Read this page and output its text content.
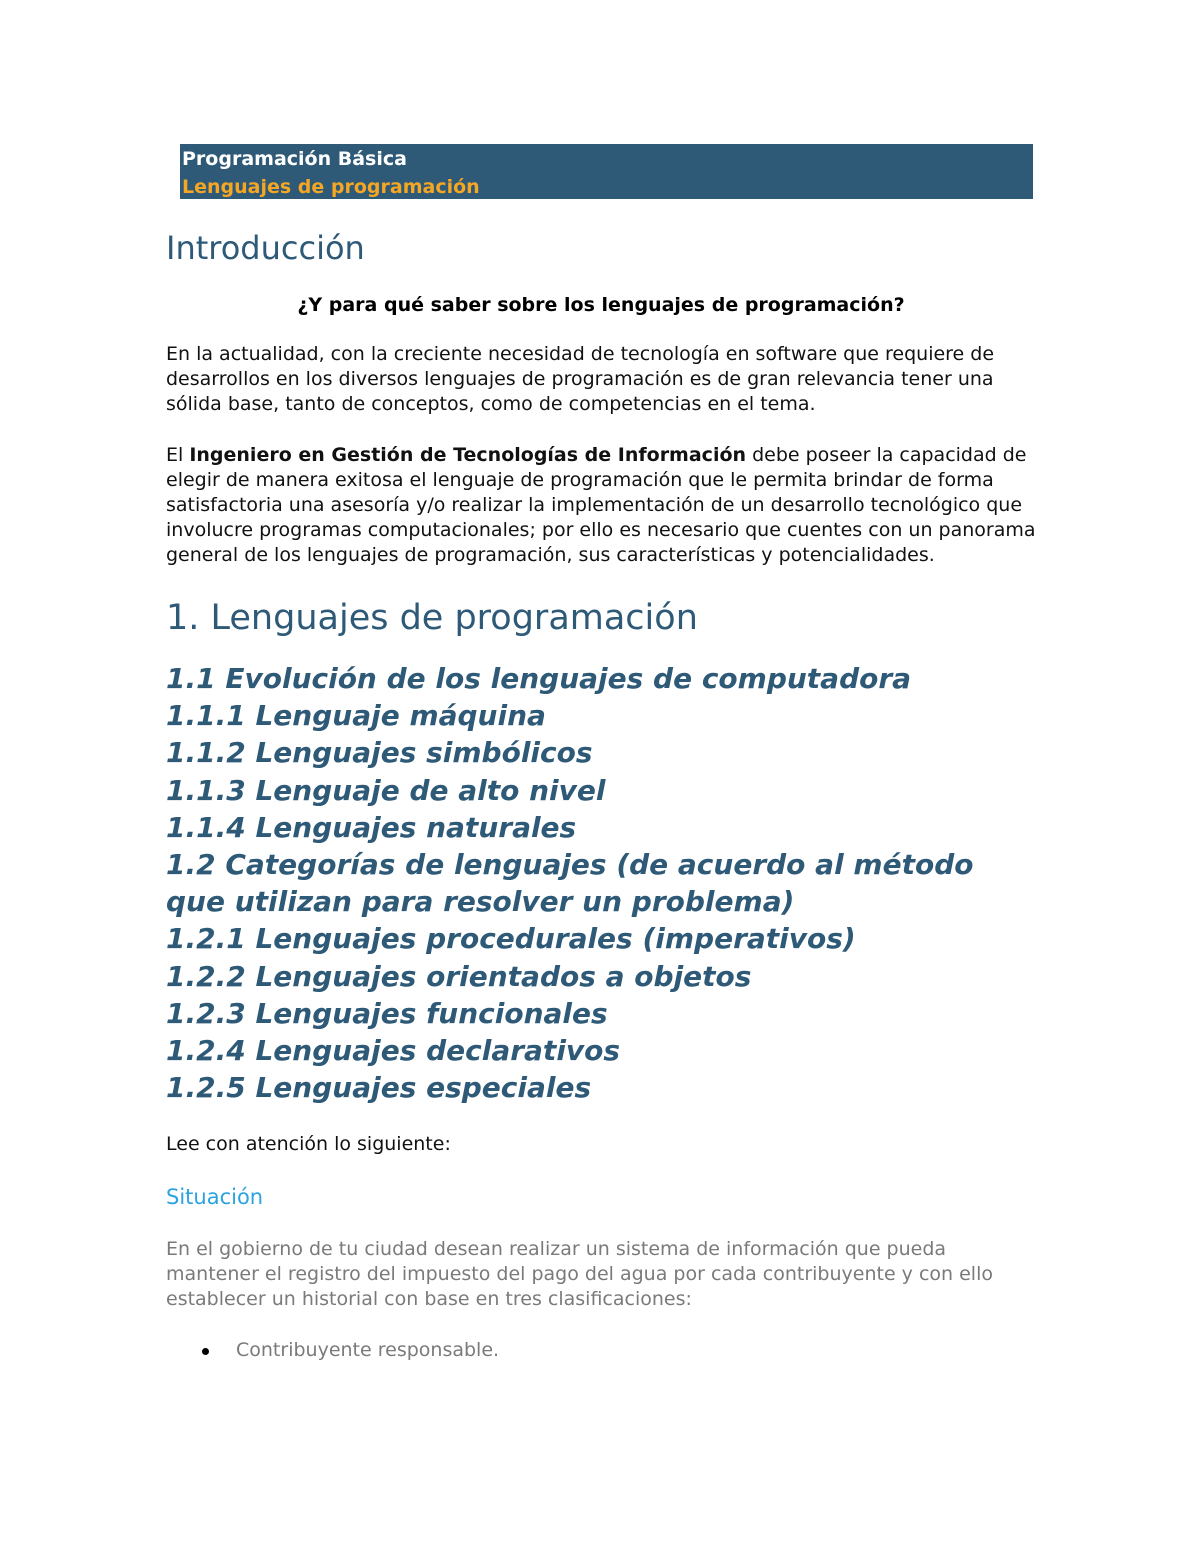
Programación Básica
Lenguajes de programación
Introducción
¿Y para qué saber sobre los lenguajes de programación?

En la actualidad, con la creciente necesidad de tecnología en software que requiere de desarrollos en los diversos lenguajes de programación es de gran relevancia tener una sólida base, tanto de conceptos, como de competencias en el tema.

El Ingeniero en Gestión de Tecnologías de Información debe poseer la capacidad de elegir de manera exitosa el lenguaje de programación que le permita brindar de forma satisfactoria una asesoría y/o realizar la implementación de un desarrollo tecnológico que involucre programas computacionales; por ello es necesario que cuentes con un panorama general de los lenguajes de programación, sus características y potencialidades.

1. Lenguajes de programación
1.1 Evolución de los lenguajes de computadora
1.1.1 Lenguaje máquina
1.1.2 Lenguajes simbólicos
1.1.3 Lenguaje de alto nivel
1.1.4 Lenguajes naturales
1.2 Categorías de lenguajes (de acuerdo al método que utilizan para resolver un problema)
1.2.1 Lenguajes procedurales (imperativos)
1.2.2 Lenguajes orientados a objetos
1.2.3 Lenguajes funcionales
1.2.4 Lenguajes declarativos
1.2.5 Lenguajes especiales

Lee con atención lo siguiente:

Situación

En el gobierno de tu ciudad desean realizar un sistema de información que pueda mantener el registro del impuesto del pago del agua por cada contribuyente y con ello establecer un historial con base en tres clasificaciones:

Contribuyente responsable.
